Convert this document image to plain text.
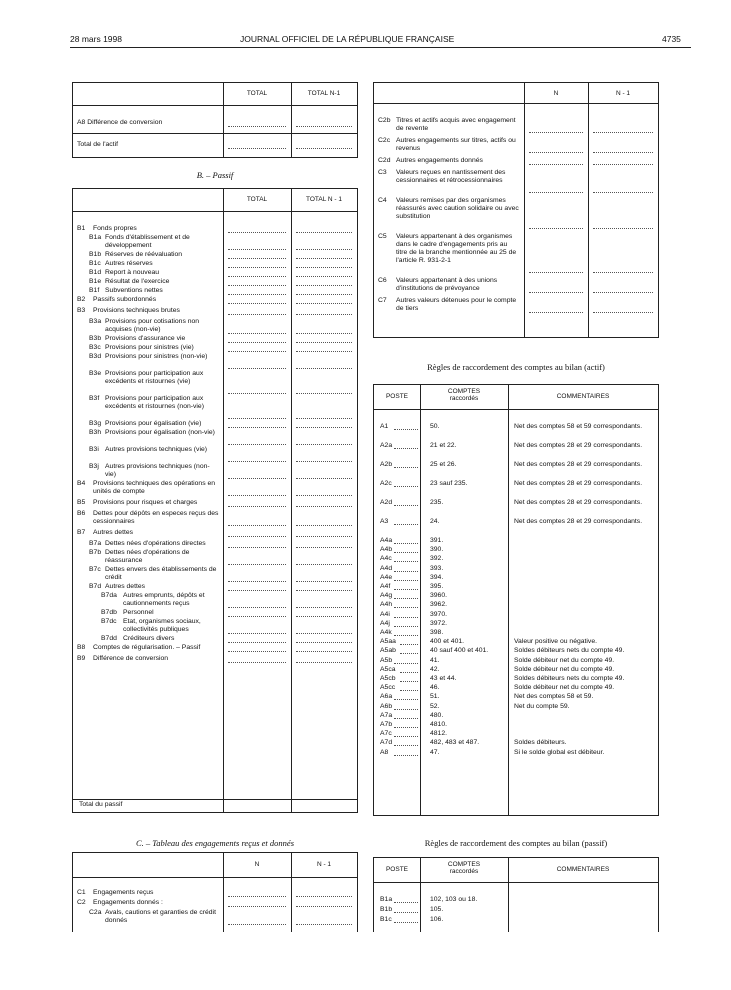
28 mars 1998	JOURNAL OFFICIEL DE LA RÉPUBLIQUE FRANÇAISE	4735
TOTAL	TOTAL N-1
A8 Différence de conversion
Total de l'actif
B. – Passif
TOTAL	TOTAL N - 1
B1 Fonds propres
B1a Fonds d'établissement et de développement
B1b Réserves de réévaluation
B1c Autres réserves
B1d Report à nouveau
B1e Résultat de l'exercice
B1f Subventions nettes
B2 Passifs subordonnés
B3 Provisions techniques brutes
B3a Provisions pour cotisations non acquises (non-vie)
B3b Provisions d'assurance vie
B3c Provisions pour sinistres (vie)
B3d Provisions pour sinistres (non-vie)
B3e Provisions pour participation aux excédents et ristournes (vie)
B3f Provisions pour participation aux excédents et ristournes (non-vie)
B3g Provisions pour égalisation (vie)
B3h Provisions pour égalisation (non-vie)
B3i Autres provisions techniques (vie)
B3j Autres provisions techniques (non-vie)
B4 Provisions techniques des opérations en unités de compte
B5 Provisions pour risques et charges
B6 Dettes pour dépôts en especes reçus des cessionnaires
B7 Autres dettes
B7a Dettes nées d'opérations directes
B7b Dettes nées d'opérations de réassurance
B7c Dettes envers des établissements de crédit
B7d Autres dettes
B7da Autres emprunts, dépôts et cautionnements reçus
B7db Personnel
B7dc Etat, organismes sociaux, collectivités publiques
B7dd Créditeurs divers
B8 Comptes de régularisation. – Passif
B9 Différence de conversion
Total du passif
C. – Tableau des engagements reçus et donnés
N	N - 1
C1 Engagements reçus
C2 Engagements donnés :
C2a Avals, cautions et garanties de crédit donnés
N	N - 1
C2b Titres et actifs acquis avec engagement de revente
C2c Autres engagements sur titres, actifs ou revenus
C2d Autres engagements donnés
C3 Valeurs reçues en nantissement des cessionnaires et rétrocessionnaires
C4 Valeurs remises par des organismes réassurés avec caution solidaire ou avec substitution
C5 Valeurs appartenant à des organismes dans le cadre d'engagements pris au titre de la branche mentionnée au 25 de l'article R. 931-2-1
C6 Valeurs appartenant à des unions d'institutions de prévoyance
C7 Autres valeurs détenues pour le compte de tiers
Règles de raccordement des comptes au bilan (actif)
POSTE
COMPTES raccordés	COMMENTAIRES
A1	50.	Net des comptes 58 et 59 correspondants.
A2a	21 et 22.	Net des comptes 28 et 29 correspondants.
A2b	25 et 26.	Net des comptes 28 et 29 correspondants.
A2c	23 sauf 235.	Net des comptes 28 et 29 correspondants.
A2d	235.	Net des comptes 28 et 29 correspondants.
A3	24.	Net des comptes 28 et 29 correspondants.
A4a	391.
A4b	390.
A4c	392.
A4d	393.
A4e	394.
A4f	395.
A4g	3960.
A4h	3962.
A4i	3970.
A4j	3972.
A4k	398.
A5aa	400 et 401.	Valeur positive ou négative.
A5ab	40 sauf 400 et 401.	Soldes débiteurs nets du compte 49.
A5b	41.	Solde débiteur net du compte 49.
A5ca	42.	Solde débiteur net du compte 49.
A5cb	43 et 44.	Soldes débiteurs nets du compte 49.
A5cc	46.	Solde débiteur net du compte 49.
A6a	51.	Net des comptes 58 et 59.
A6b	52.	Net du compte 59.
A7a	480.
A7b	4810.
A7c	4812.
A7d	482, 483 et 487.	Soldes débiteurs.
A8	47.	Si le solde global est débiteur.
Règles de raccordement des comptes au bilan (passif)
POSTE
COMPTES raccordés	COMMENTAIRES
B1a	102, 103 ou 18.
B1b	105.
B1c	106.
